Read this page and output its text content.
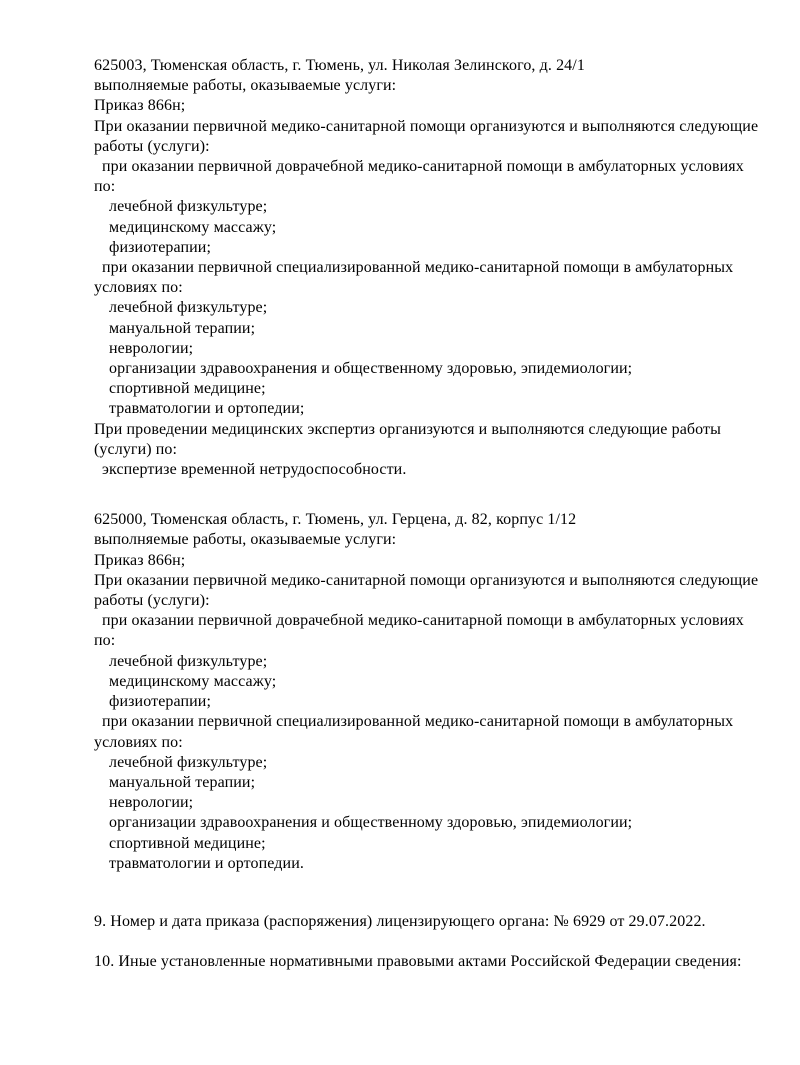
625003, Тюменская область, г. Тюмень, ул. Николая Зелинского, д. 24/1
выполняемые работы, оказываемые услуги:
Приказ 866н;
При оказании первичной медико-санитарной помощи организуются и выполняются следующие
работы (услуги):
при оказании первичной доврачебной медико-санитарной помощи в амбулаторных условиях
по:
лечебной физкультуре;
медицинскому массажу;
физиотерапии;
при оказании первичной специализированной медико-санитарной помощи в амбулаторных
условиях по:
лечебной физкультуре;
мануальной терапии;
неврологии;
организации здравоохранения и общественному здоровью, эпидемиологии;
спортивной медицине;
травматологии и ортопедии;
При проведении медицинских экспертиз организуются и выполняются следующие работы
(услуги) по:
экспертизе временной нетрудоспособности.
625000, Тюменская область, г. Тюмень, ул. Герцена, д. 82, корпус 1/12
выполняемые работы, оказываемые услуги:
Приказ 866н;
При оказании первичной медико-санитарной помощи организуются и выполняются следующие
работы (услуги):
при оказании первичной доврачебной медико-санитарной помощи в амбулаторных условиях
по:
лечебной физкультуре;
медицинскому массажу;
физиотерапии;
при оказании первичной специализированной медико-санитарной помощи в амбулаторных
условиях по:
лечебной физкультуре;
мануальной терапии;
неврологии;
организации здравоохранения и общественному здоровью, эпидемиологии;
спортивной медицине;
травматологии и ортопедии.
9. Номер и дата приказа (распоряжения) лицензирующего органа: № 6929 от 29.07.2022.
10. Иные установленные нормативными правовыми актами Российской Федерации сведения:
